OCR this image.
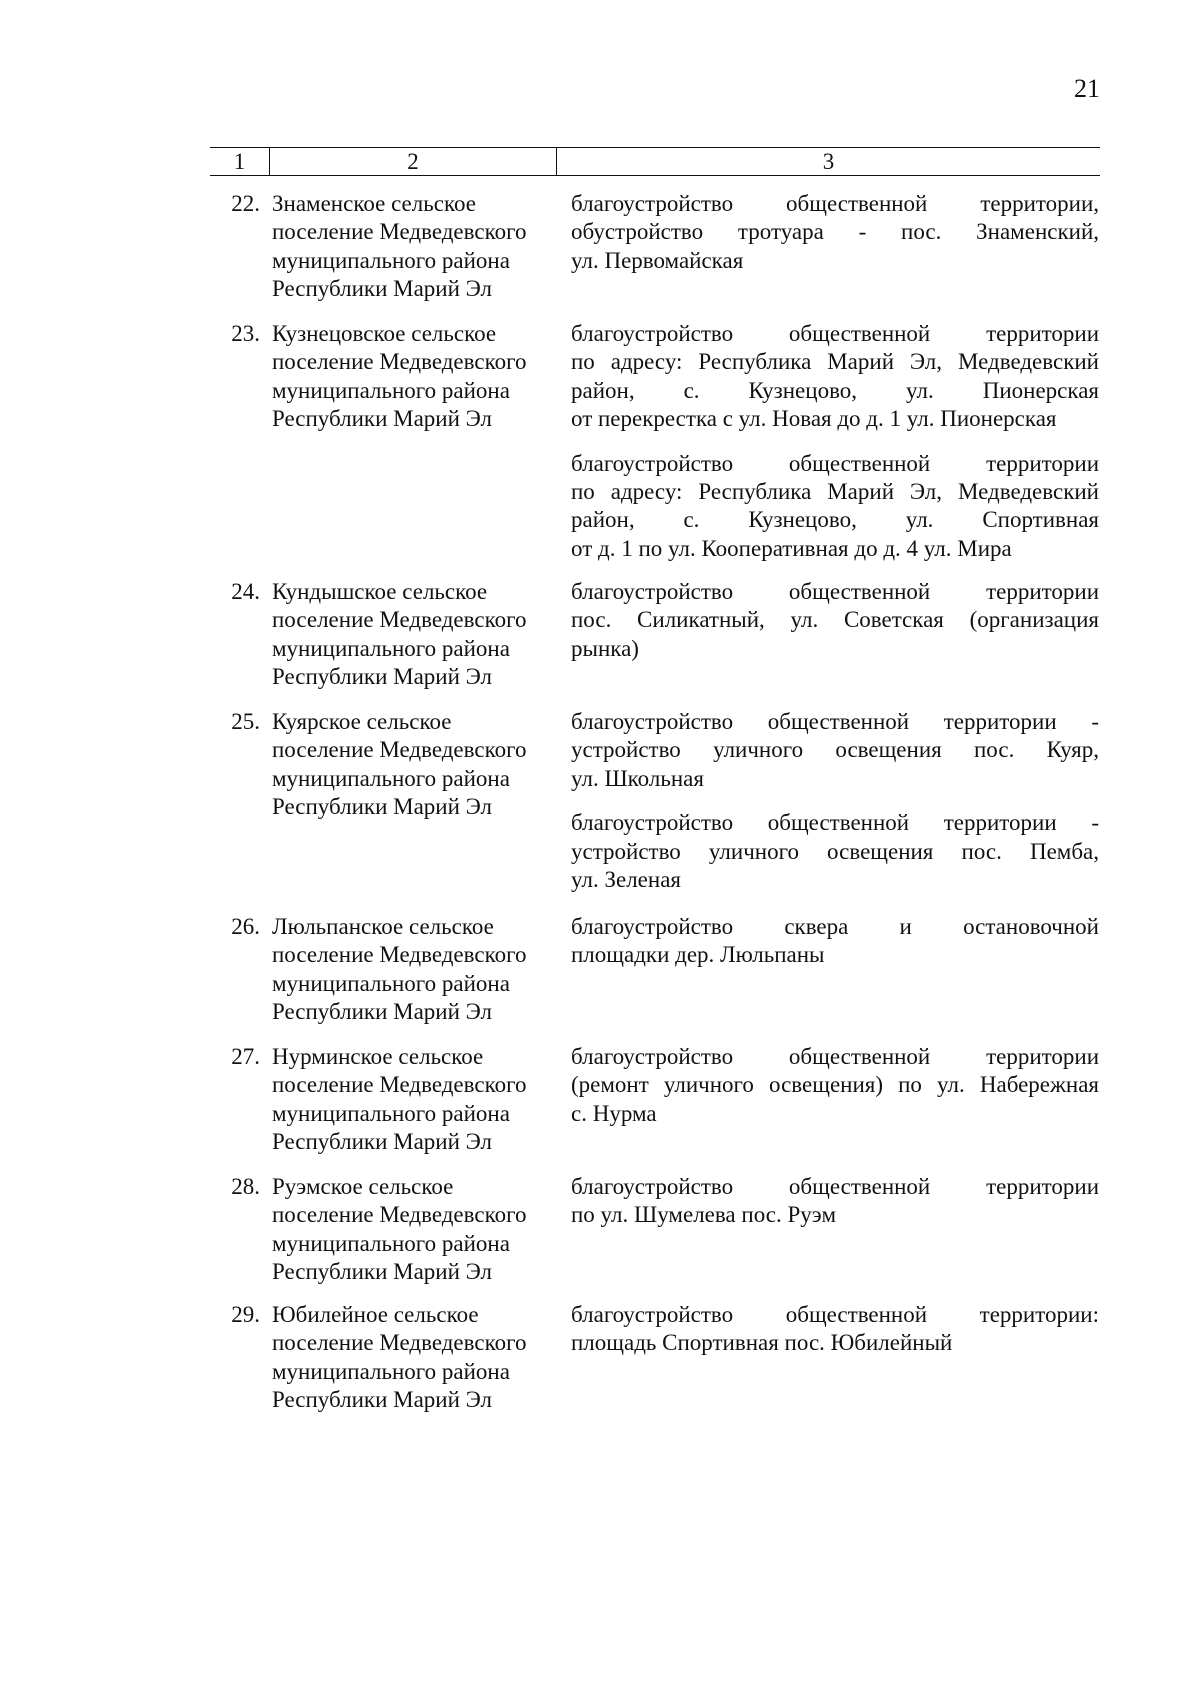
21
1	2	3
22. Знаменское сельское
поселение Медведевского
муниципального района
Республики Марий Эл
благоустройство общественной территории,
обустройство тротуара - пос. Знаменский,
ул. Первомайская
23. Кузнецовское сельское
поселение Медведевского
муниципального района
Республики Марий Эл
благоустройство общественной территории
по адресу: Республика Марий Эл, Медведевский
район, с. Кузнецово, ул. Пионерская
от перекрестка с ул. Новая до д. 1 ул. Пионерская
благоустройство общественной территории
по адресу: Республика Марий Эл, Медведевский
район, с. Кузнецово, ул. Спортивная
от д. 1 по ул. Кооперативная до д. 4 ул. Мира
24. Кундышское сельское
поселение Медведевского
муниципального района
Республики Марий Эл
благоустройство общественной территории
пос. Силикатный, ул. Советская (организация
рынка)
25. Куярское сельское
поселение Медведевского
муниципального района
Республики Марий Эл
благоустройство общественной территории -
устройство уличного освещения пос. Куяр,
ул. Школьная
благоустройство общественной территории -
устройство уличного освещения пос. Пемба,
ул. Зеленая
26. Люльпанское сельское
поселение Медведевского
муниципального района
Республики Марий Эл
благоустройство сквера и остановочной
площадки дер. Люльпаны
27. Нурминское сельское
поселение Медведевского
муниципального района
Республики Марий Эл
благоустройство общественной территории
(ремонт уличного освещения) по ул. Набережная
с. Нурма
28. Руэмское сельское
поселение Медведевского
муниципального района
Республики Марий Эл
благоустройство общественной территории
по ул. Шумелева пос. Руэм
29. Юбилейное сельское
поселение Медведевского
муниципального района
Республики Марий Эл
благоустройство общественной территории:
площадь Спортивная пос. Юбилейный
